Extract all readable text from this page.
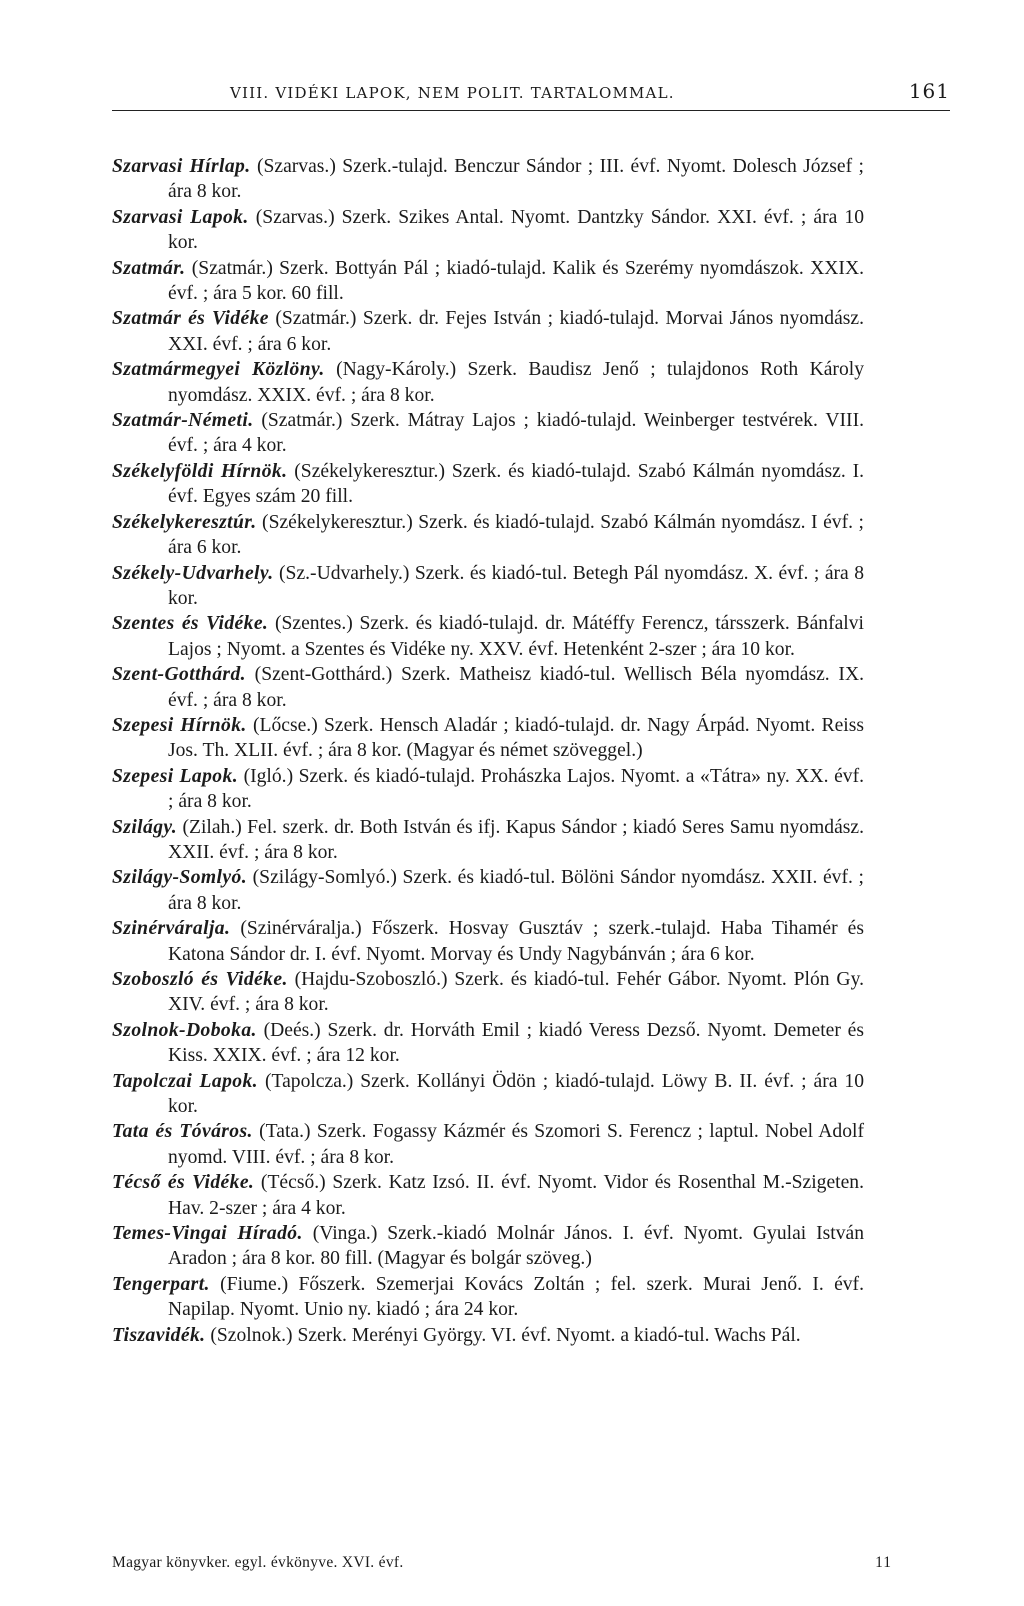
VIII. VIDÉKI LAPOK, NEM POLIT. TARTALOMMAL.	161

Szarvasi Hírlap. (Szarvas.) Szerk.-tulajd. Benczur Sándor ; III. évf. Nyomt. Dolesch József ; ára 8 kor.

Szarvasi Lapok. (Szarvas.) Szerk. Szikes Antal. Nyomt. Dantzky Sándor. XXI. évf. ; ára 10 kor.

Szatmár. (Szatmár.) Szerk. Bottyán Pál ; kiadó-tulajd. Kalik és Szerémy nyomdászok. XXIX. évf. ; ára 5 kor. 60 fill.

Szatmár és Vidéke (Szatmár.) Szerk. dr. Fejes István ; kiadó-tulajd. Morvai János nyomdász. XXI. évf. ; ára 6 kor.

Szatmármegyei Közlöny. (Nagy-Károly.) Szerk. Baudisz Jenő ; tulajdonos Roth Károly nyomdász. XXIX. évf. ; ára 8 kor.

Szatmár-Németi. (Szatmár.) Szerk. Mátray Lajos ; kiadó-tulajd. Weinberger testvérek. VIII. évf. ; ára 4 kor.

Székelyföldi Hírnök. (Székelykeresztur.) Szerk. és kiadó-tulajd. Szabó Kálmán nyomdász. I. évf. Egyes szám 20 fill.

Székelykeresztúr. (Székelykeresztur.) Szerk. és kiadó-tulajd. Szabó Kálmán nyomdász. I évf. ; ára 6 kor.

Székely-Udvarhely. (Sz.-Udvarhely.) Szerk. és kiadó-tul. Betegh Pál nyomdász. X. évf. ; ára 8 kor.

Szentes és Vidéke. (Szentes.) Szerk. és kiadó-tulajd. dr. Mátéffy Ferencz, társszerk. Bánfalvi Lajos ; Nyomt. a Szentes és Vidéke ny. XXV. évf. Hetenként 2-szer ; ára 10 kor.

Szent-Gotthárd. (Szent-Gotthárd.) Szerk. Matheisz kiadó-tul. Wellisch Béla nyomdász. IX. évf. ; ára 8 kor.

Szepesi Hírnök. (Lőcse.) Szerk. Hensch Aladár ; kiadó-tulajd. dr. Nagy Árpád. Nyomt. Reiss Jos. Th. XLII. évf. ; ára 8 kor. (Magyar és német szöveggel.)

Szepesi Lapok. (Igló.) Szerk. és kiadó-tulajd. Prohászka Lajos. Nyomt. a «Tátra» ny. XX. évf. ; ára 8 kor.

Szilágy. (Zilah.) Fel. szerk. dr. Both István és ifj. Kapus Sándor ; kiadó Seres Samu nyomdász. XXII. évf. ; ára 8 kor.

Szilágy-Somlyó. (Szilágy-Somlyó.) Szerk. és kiadó-tul. Bölöni Sándor nyomdász. XXII. évf. ; ára 8 kor.

Szinérváralja. (Szinérváralja.) Főszerk. Hosvay Gusztáv ; szerk.-tulajd. Haba Tihamér és Katona Sándor dr. I. évf. Nyomt. Morvay és Undy Nagybánván ; ára 6 kor.

Szoboszló és Vidéke. (Hajdu-Szoboszló.) Szerk. és kiadó-tul. Fehér Gábor. Nyomt. Plón Gy. XIV. évf. ; ára 8 kor.

Szolnok-Doboka. (Deés.) Szerk. dr. Horváth Emil ; kiadó Veress Dezső. Nyomt. Demeter és Kiss. XXIX. évf. ; ára 12 kor.

Tapolczai Lapok. (Tapolcza.) Szerk. Kollányi Ödön ; kiadó-tulajd. Löwy B. II. évf. ; ára 10 kor.

Tata és Tóváros. (Tata.) Szerk. Fogassy Kázmér és Szomori S. Ferencz ; laptul. Nobel Adolf nyomd. VIII. évf. ; ára 8 kor.

Técső és Vidéke. (Técső.) Szerk. Katz Izsó. II. évf. Nyomt. Vidor és Rosenthal M.-Szigeten. Hav. 2-szer ; ára 4 kor.

Temes-Vingai Híradó. (Vinga.) Szerk.-kiadó Molnár János. I. évf. Nyomt. Gyulai István Aradon ; ára 8 kor. 80 fill. (Magyar és bolgár szöveg.)

Tengerpart. (Fiume.) Főszerk. Szemerjai Kovács Zoltán ; fel. szerk. Murai Jenő. I. évf. Napilap. Nyomt. Unio ny. kiadó ; ára 24 kor.

Tiszavidék. (Szolnok.) Szerk. Merényi György. VI. évf. Nyomt. a kiadó-tul. Wachs Pál.

Magyar könyvker. egyl. évkönyve. XVI. évf.	11
